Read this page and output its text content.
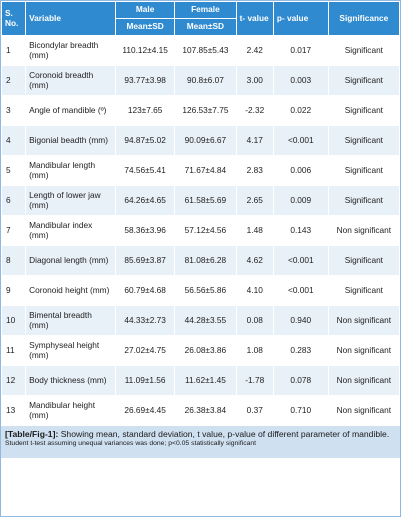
S. No.	Variable	Male	Female	t- value	p- value	Significance
		Mean±SD	Mean±SD			
1	Bicondylar breadth (mm)	110.12±4.15	107.85±5.43	2.42	0.017	Significant
2	Coronoid breadth (mm)	93.77±3.98	90.8±6.07	3.00	0.003	Significant
3	Angle of mandible (º)	123±7.65	126.53±7.75	-2.32	0.022	Significant
4	Bigonial beadth (mm)	94.87±5.02	90.09±6.67	4.17	<0.001	Significant
5	Mandibular length (mm)	74.56±5.41	71.67±4.84	2.83	0.006	Significant
6	Length of lower jaw (mm)	64.26±4.65	61.58±5.69	2.65	0.009	Significant
7	Mandibular index (mm)	58.36±3.96	57.12±4.56	1.48	0.143	Non significant
8	Diagonal length (mm)	85.69±3.87	81.08±6.28	4.62	<0.001	Significant
9	Coronoid height (mm)	60.79±4.68	56.56±5.86	4.10	<0.001	Significant
10	Bimental breadth (mm)	44.33±2.73	44.28±3.55	0.08	0.940	Non significant
11	Symphyseal height (mm)	27.02±4.75	26.08±3.86	1.08	0.283	Non significant
12	Body thickness (mm)	11.09±1.56	11.62±1.45	-1.78	0.078	Non significant
13	Mandibular height (mm)	26.69±4.45	26.38±3.84	0.37	0.710	Non significant
[Table/Fig-1]: Showing mean, standard deviation, t value, p-value of different parameter of mandible.
Student t-test assuming unequal variances was done; p<0.05 statistically significant
